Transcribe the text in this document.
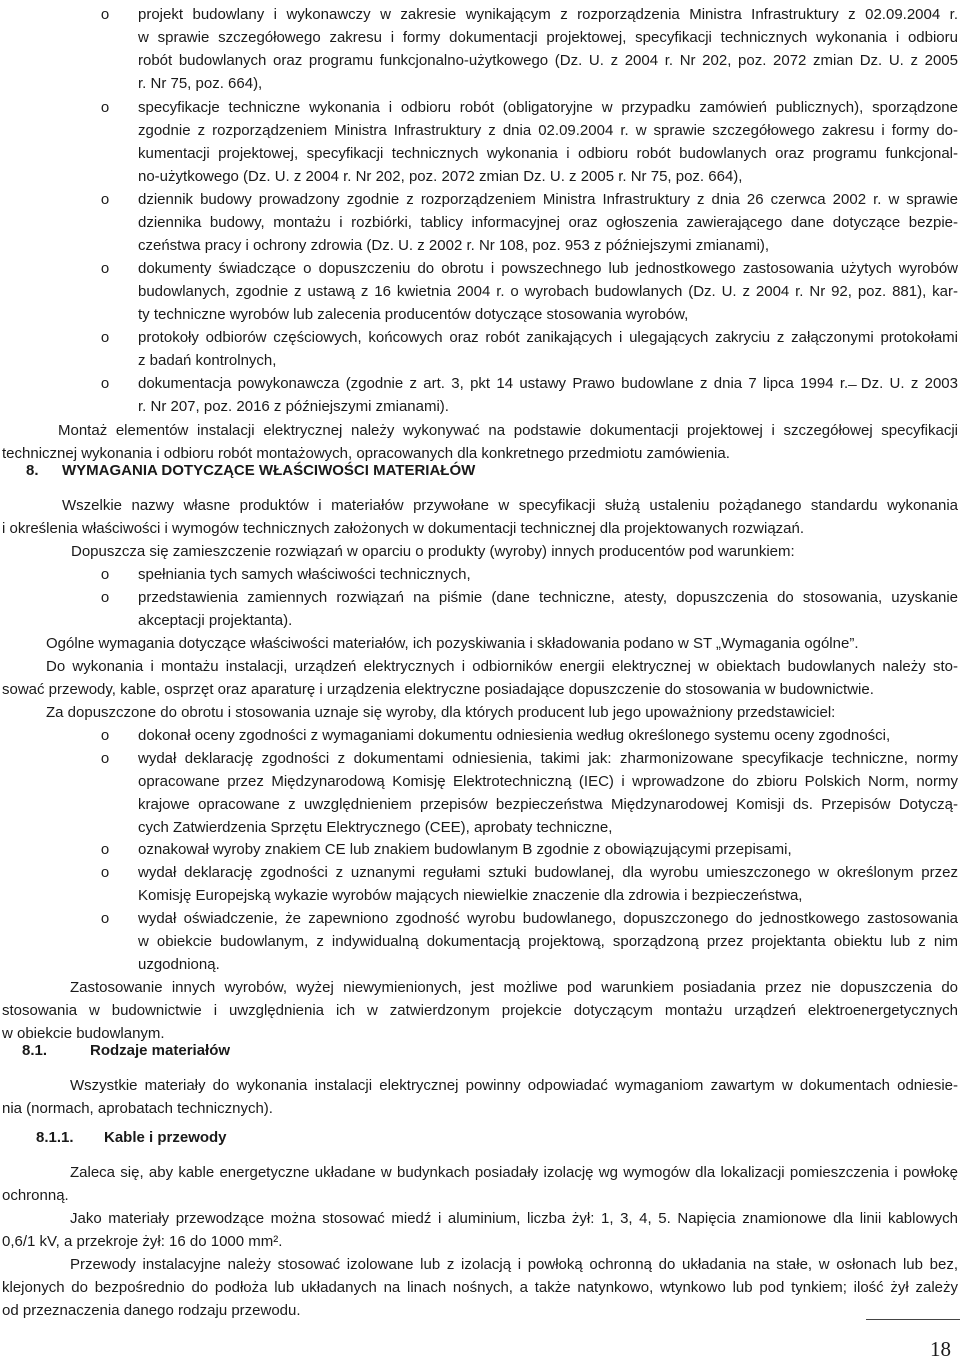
o projekt budowlany i wykonawczy w zakresie wynikającym z rozporządzenia Ministra Infrastruktury z 02.09.2004 r.
w sprawie szczegółowego zakresu i formy dokumentacji projektowej, specyfikacji technicznych wykonania i odbioru
robót budowlanych oraz programu funkcjonalno-użytkowego (Dz. U. z 2004 r. Nr 202, poz. 2072 zmian Dz. U. z 2005
r. Nr 75, poz. 664),
o specyfikacje techniczne wykonania i odbioru robót (obligatoryjne w przypadku zamówień publicznych), sporządzone
zgodnie z rozporządzeniem Ministra Infrastruktury z dnia 02.09.2004 r. w sprawie szczegółowego zakresu i formy do-
kumentacji projektowej, specyfikacji technicznych wykonania i odbioru robót budowlanych oraz programu funkcjonal-
no-użytkowego (Dz. U. z 2004 r. Nr 202, poz. 2072 zmian Dz. U. z 2005 r. Nr 75, poz. 664),
o dziennik budowy prowadzony zgodnie z rozporządzeniem Ministra Infrastruktury z dnia 26 czerwca 2002 r. w sprawie
dziennika budowy, montażu i rozbiórki, tablicy informacyjnej oraz ogłoszenia zawierającego dane dotyczące bezpie-
czeństwa pracy i ochrony zdrowia (Dz. U. z 2002 r. Nr 108, poz. 953 z późniejszymi zmianami),
o dokumenty świadczące o dopuszczeniu do obrotu i powszechnego lub jednostkowego zastosowania użytych wyrobów
budowlanych, zgodnie z ustawą z 16 kwietnia 2004 r. o wyrobach budowlanych (Dz. U. z 2004 r. Nr 92, poz. 881), kar-
ty techniczne wyrobów lub zalecenia producentów dotyczące stosowania wyrobów,
o protokoły odbiorów częściowych, końcowych oraz robót zanikających i ulegających zakryciu z załączonymi protokołami
z badań kontrolnych,
o dokumentacja powykonawcza (zgodnie z art. 3, pkt 14 ustawy Prawo budowlane z dnia 7 lipca 1994 r. ̶ Dz. U. z 2003
r. Nr 207, poz. 2016 z późniejszymi zmianami).
Montaż elementów instalacji elektrycznej należy wykonywać na podstawie dokumentacji projektowej i szczegółowej specyfikacji
technicznej wykonania i odbioru robót montażowych, opracowanych dla konkretnego przedmiotu zamówienia.
8. WYMAGANIA DOTYCZĄCE WŁAŚCIWOŚCI MATERIAŁÓW
Wszelkie nazwy własne produktów i materiałów przywołane w specyfikacji służą ustaleniu pożądanego standardu wykonania
i określenia właściwości i wymogów technicznych założonych w dokumentacji technicznej dla projektowanych rozwiązań.
Dopuszcza się zamieszczenie rozwiązań w oparciu o produkty (wyroby) innych producentów pod warunkiem:
o spełniania tych samych właściwości technicznych,
o przedstawienia zamiennych rozwiązań na piśmie (dane techniczne, atesty, dopuszczenia do stosowania, uzyskanie
akceptacji projektanta).
Ogólne wymagania dotyczące właściwości materiałów, ich pozyskiwania i składowania podano w ST „Wymagania ogólne”.
Do wykonania i montażu instalacji, urządzeń elektrycznych i odbiorników energii elektrycznej w obiektach budowlanych należy sto-
sować przewody, kable, osprzęt oraz aparaturę i urządzenia elektryczne posiadające dopuszczenie do stosowania w budownictwie.
Za dopuszczone do obrotu i stosowania uznaje się wyroby, dla których producent lub jego upoważniony przedstawiciel:
o dokonał oceny zgodności z wymaganiami dokumentu odniesienia według określonego systemu oceny zgodności,
o wydał deklarację zgodności z dokumentami odniesienia, takimi jak: zharmonizowane specyfikacje techniczne, normy
opracowane przez Międzynarodową Komisję Elektrotechniczną (IEC) i wprowadzone do zbioru Polskich Norm, normy
krajowe opracowane z uwzględnieniem przepisów bezpieczeństwa Międzynarodowej Komisji ds. Przepisów Dotyczą-
cych Zatwierdzenia Sprzętu Elektrycznego (CEE), aprobaty techniczne,
o oznakował wyroby znakiem CE lub znakiem budowlanym B zgodnie z obowiązującymi przepisami,
o wydał deklarację zgodności z uznanymi regułami sztuki budowlanej, dla wyrobu umieszczonego w określonym przez
Komisję Europejską wykazie wyrobów mających niewielkie znaczenie dla zdrowia i bezpieczeństwa,
o wydał oświadczenie, że zapewniono zgodność wyrobu budowlanego, dopuszczonego do jednostkowego zastosowania
w obiekcie budowlanym, z indywidualną dokumentacją projektową, sporządzoną przez projektanta obiektu lub z nim
uzgodnioną.
Zastosowanie innych wyrobów, wyżej niewymienionych, jest możliwe pod warunkiem posiadania przez nie dopuszczenia do
stosowania w budownictwie i uwzględnienia ich w zatwierdzonym projekcie dotyczącym montażu urządzeń elektroenergetycznych
w obiekcie budowlanym.
8.1.	Rodzaje materiałów
Wszystkie materiały do wykonania instalacji elektrycznej powinny odpowiadać wymaganiom zawartym w dokumentach odniesie-
nia (normach, aprobatach technicznych).
8.1.1. Kable i przewody
Zaleca się, aby kable energetyczne układane w budynkach posiadały izolację wg wymogów dla lokalizacji pomieszczenia i powłokę
ochronną.
Jako materiały przewodzące można stosować miedź i aluminium, liczba żył: 1, 3, 4, 5. Napięcia znamionowe dla linii kablowych
0,6/1 kV, a przekroje żył: 16 do 1000 mm².
Przewody instalacyjne należy stosować izolowane lub z izolacją i powłoką ochronną do układania na stałe, w osłonach lub bez,
klejonych do bezpośrednio do podłoża lub układanych na linach nośnych, a także natynkowo, wtynkowo lub pod tynkiem; ilość żył zależy
od przeznaczenia danego rodzaju przewodu.
18
